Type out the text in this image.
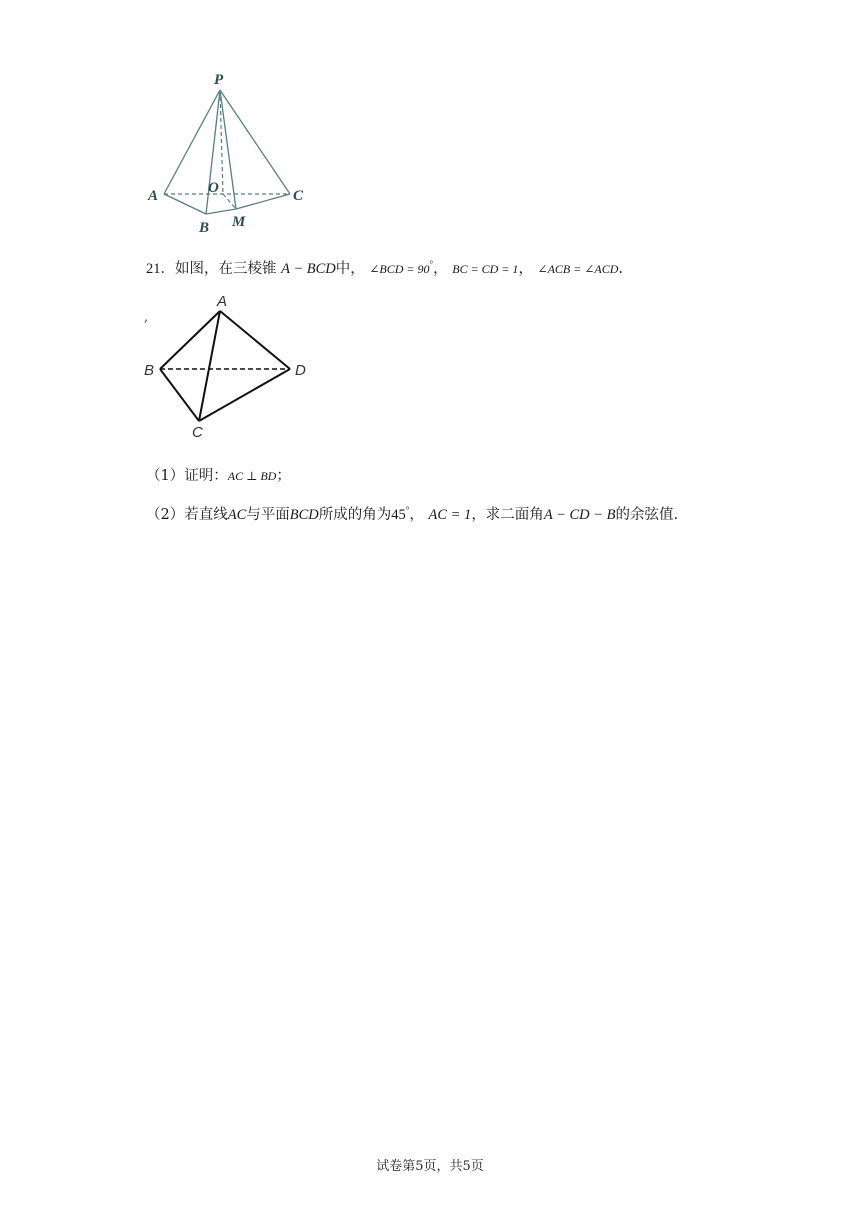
P
A
B
C
O
M
21．如图，在三棱锥 A − BCD中， ∠BCD = 90°， BC = CD = 1， ∠ACB = ∠ACD.
,
A
B
C
D
（1）证明：AC ⊥ BD；
（2）若直线AC与平面BCD所成的角为45°， AC = 1，求二面角A − CD − B的余弦值.
试卷第5页，共5页
